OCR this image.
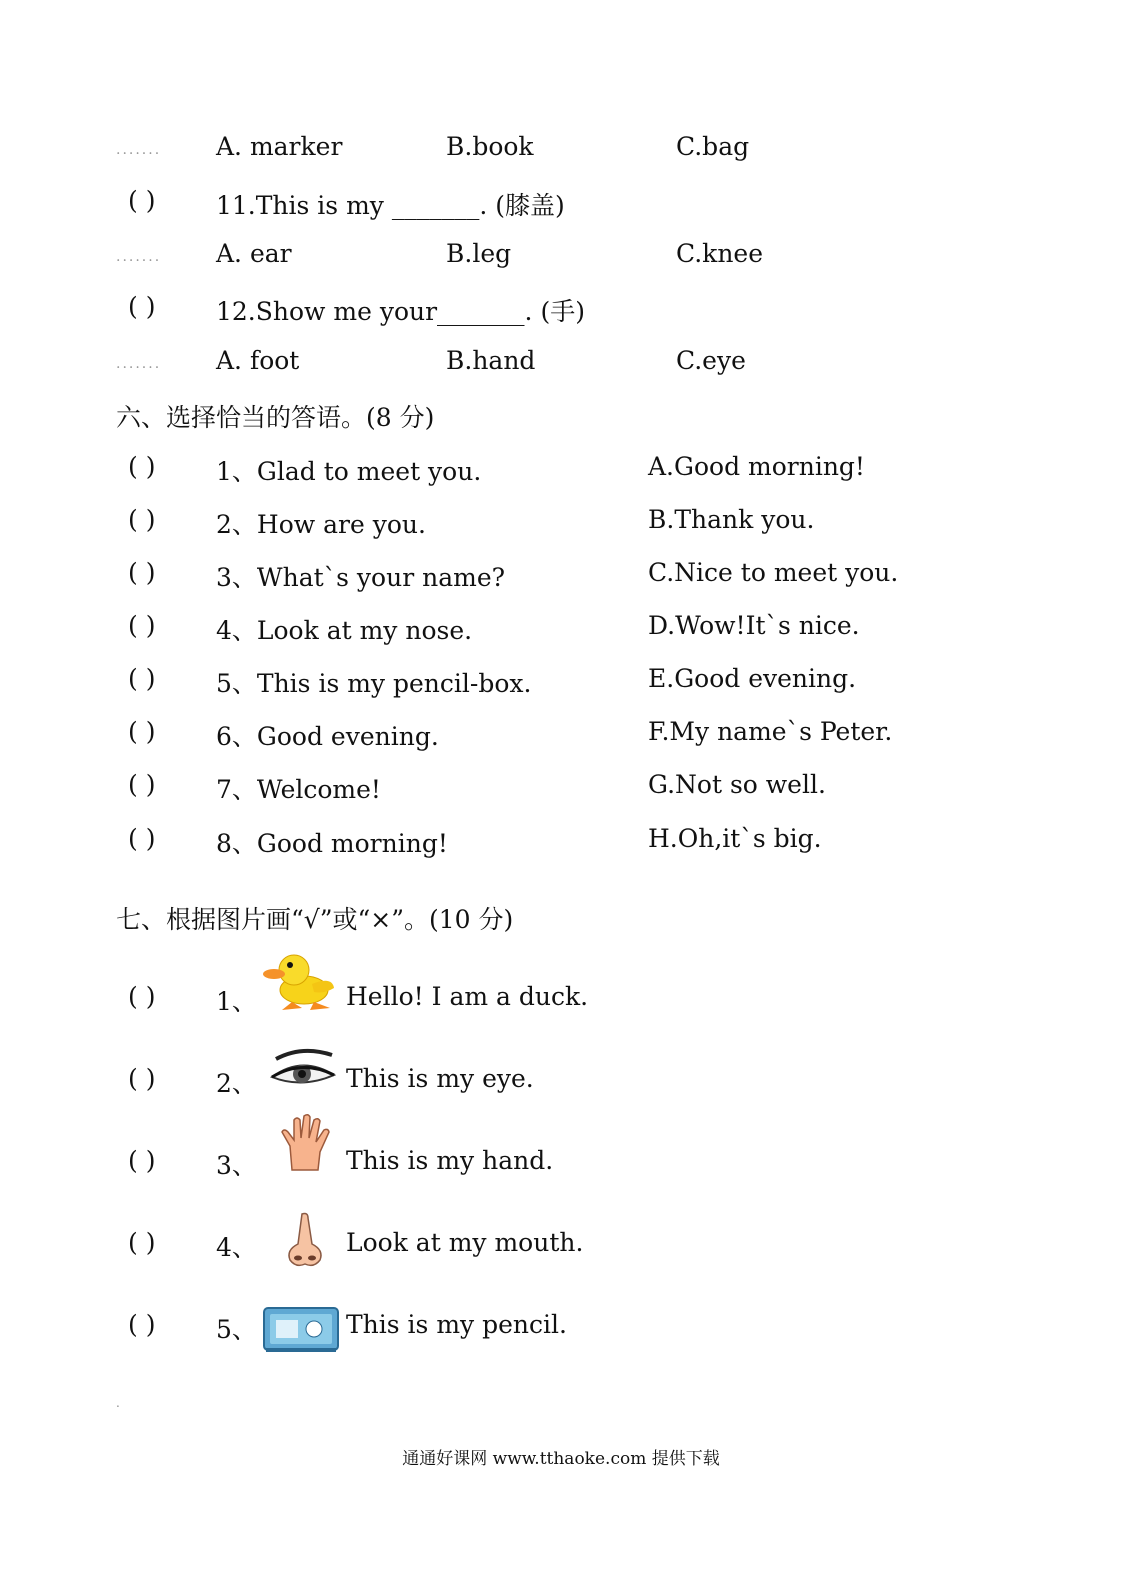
....... A. marker	B.book	C.bag
( ) 11.This is my _______. (膝盖)
....... A. ear	B.leg	C.knee
( ) 12.Show me your_______. (手)
....... A. foot	B.hand	C.eye
六、选择恰当的答语。(8 分)
( ) 1、Glad to meet you.	A.Good morning!
( ) 2、How are you.	B.Thank you.
( ) 3、What`s your name?	C.Nice to meet you.
( ) 4、Look at my nose.	D.Wow!It`s nice.
( ) 5、This is my pencil-box.	E.Good evening.
( ) 6、Good evening.	F.My name`s Peter.
( ) 7、Welcome!	G.Not so well.
( ) 8、Good morning!	H.Oh,it`s big.
七、根据图片画“√”或“×”。(10 分)
( ) 1、	Hello! I am a duck.
( ) 2、	This is my eye.
( ) 3、	This is my hand.
( ) 4、	Look at my mouth.
( ) 5、	This is my pencil.
.
通通好课网 www.tthaoke.com 提供下载
